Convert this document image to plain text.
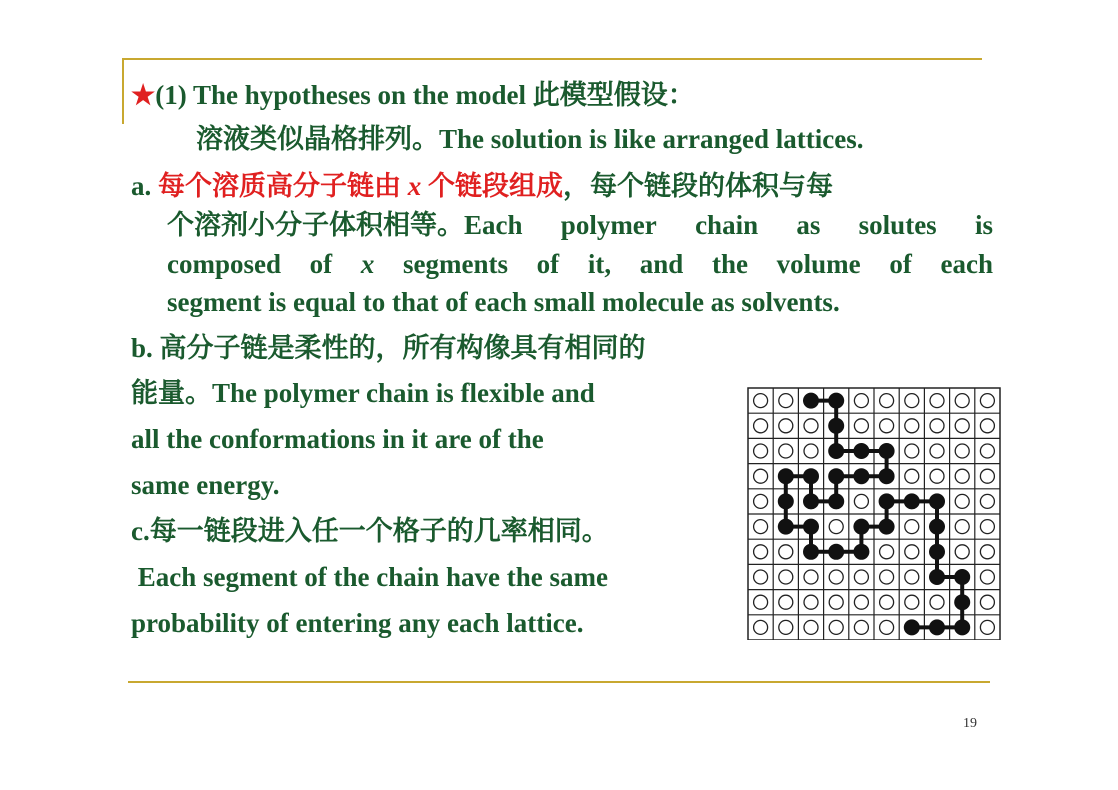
★(1) The hypotheses on the model 此模型假设：
溶液类似晶格排列。The solution is like arranged lattices.
a. 每个溶质高分子链由 x 个链段组成，每个链段的体积与每
个溶剂小分子体积相等。Each polymer chain as solutes is
composed of x segments of it, and the volume of each
segment is equal to that of each small molecule as solvents.
b. 高分子链是柔性的，所有构像具有相同的
能量。The polymer chain is flexible and
all the conformations in it are of the
same energy.
c.每一链段进入任一个格子的几率相同。
Each segment of the chain have the same
probability of entering any each lattice.
19
